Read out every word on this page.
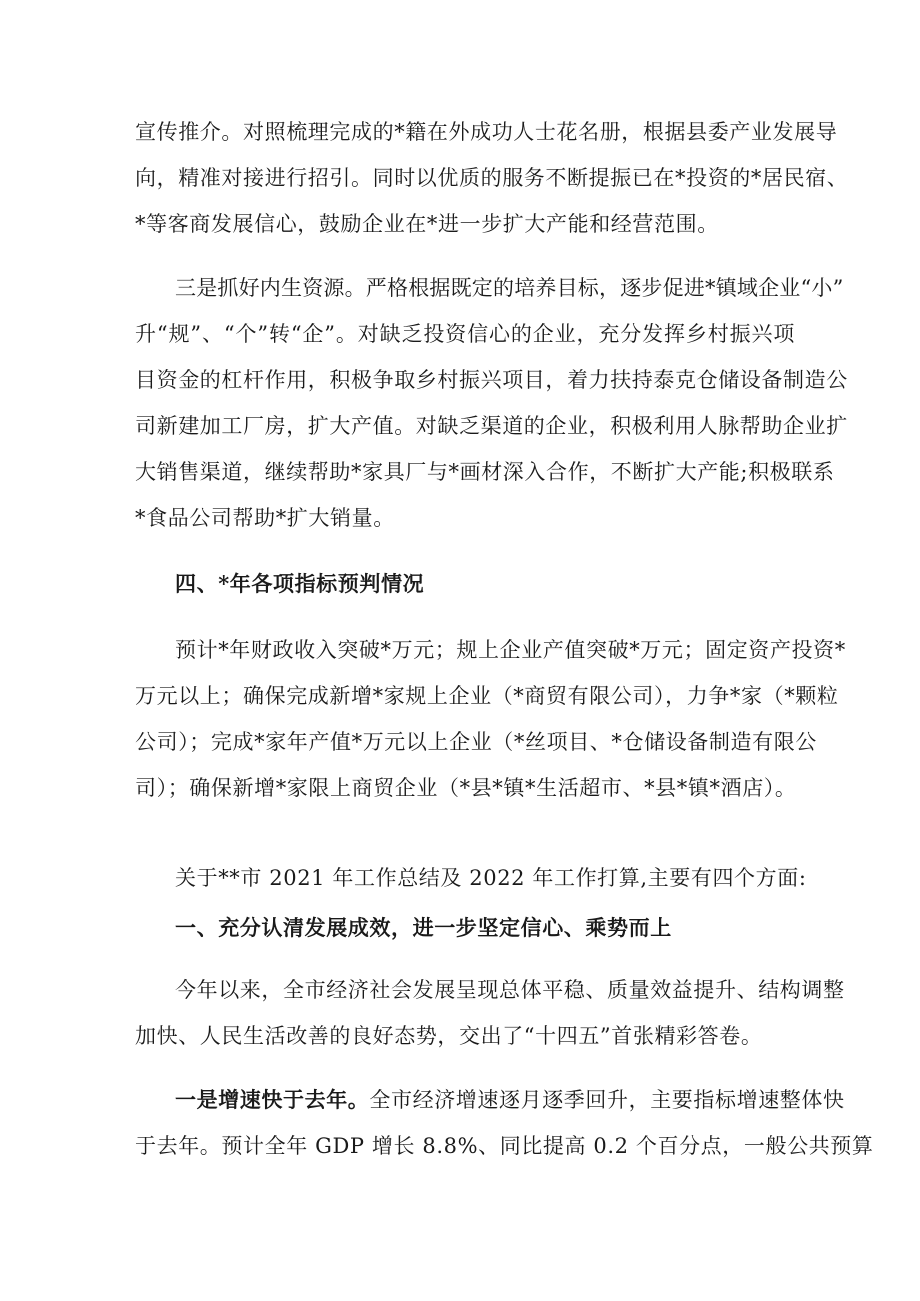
宣传推介。对照梳理完成的*籍在外成功人士花名册，根据县委产业发展导
向，精准对接进行招引。同时以优质的服务不断提振已在*投资的*居民宿、
*等客商发展信心，鼓励企业在*进一步扩大产能和经营范围。
三是抓好内生资源。严格根据既定的培养目标，逐步促进*镇域企业“小”
升“规”、“个”转“企”。对缺乏投资信心的企业，充分发挥乡村振兴项
目资金的杠杆作用，积极争取乡村振兴项目，着力扶持泰克仓储设备制造公
司新建加工厂房，扩大产值。对缺乏渠道的企业，积极利用人脉帮助企业扩
大销售渠道，继续帮助*家具厂与*画材深入合作，不断扩大产能;积极联系
*食品公司帮助*扩大销量。
四、*年各项指标预判情况
预计*年财政收入突破*万元；规上企业产值突破*万元；固定资产投资*
万元以上；确保完成新增*家规上企业（*商贸有限公司），力争*家（*颗粒
公司）；完成*家年产值*万元以上企业（*丝项目、*仓储设备制造有限公
司）；确保新增*家限上商贸企业（*县*镇*生活超市、*县*镇*酒店）。
关于**市 2021 年工作总结及 2022 年工作打算,主要有四个方面:
一、充分认清发展成效，进一步坚定信心、乘势而上
今年以来，全市经济社会发展呈现总体平稳、质量效益提升、结构调整
加快、人民生活改善的良好态势，交出了“十四五”首张精彩答卷。
一是增速快于去年。全市经济增速逐月逐季回升，主要指标增速整体快
于去年。预计全年 GDP 增长 8.8%、同比提高 0.2 个百分点，一般公共预算
